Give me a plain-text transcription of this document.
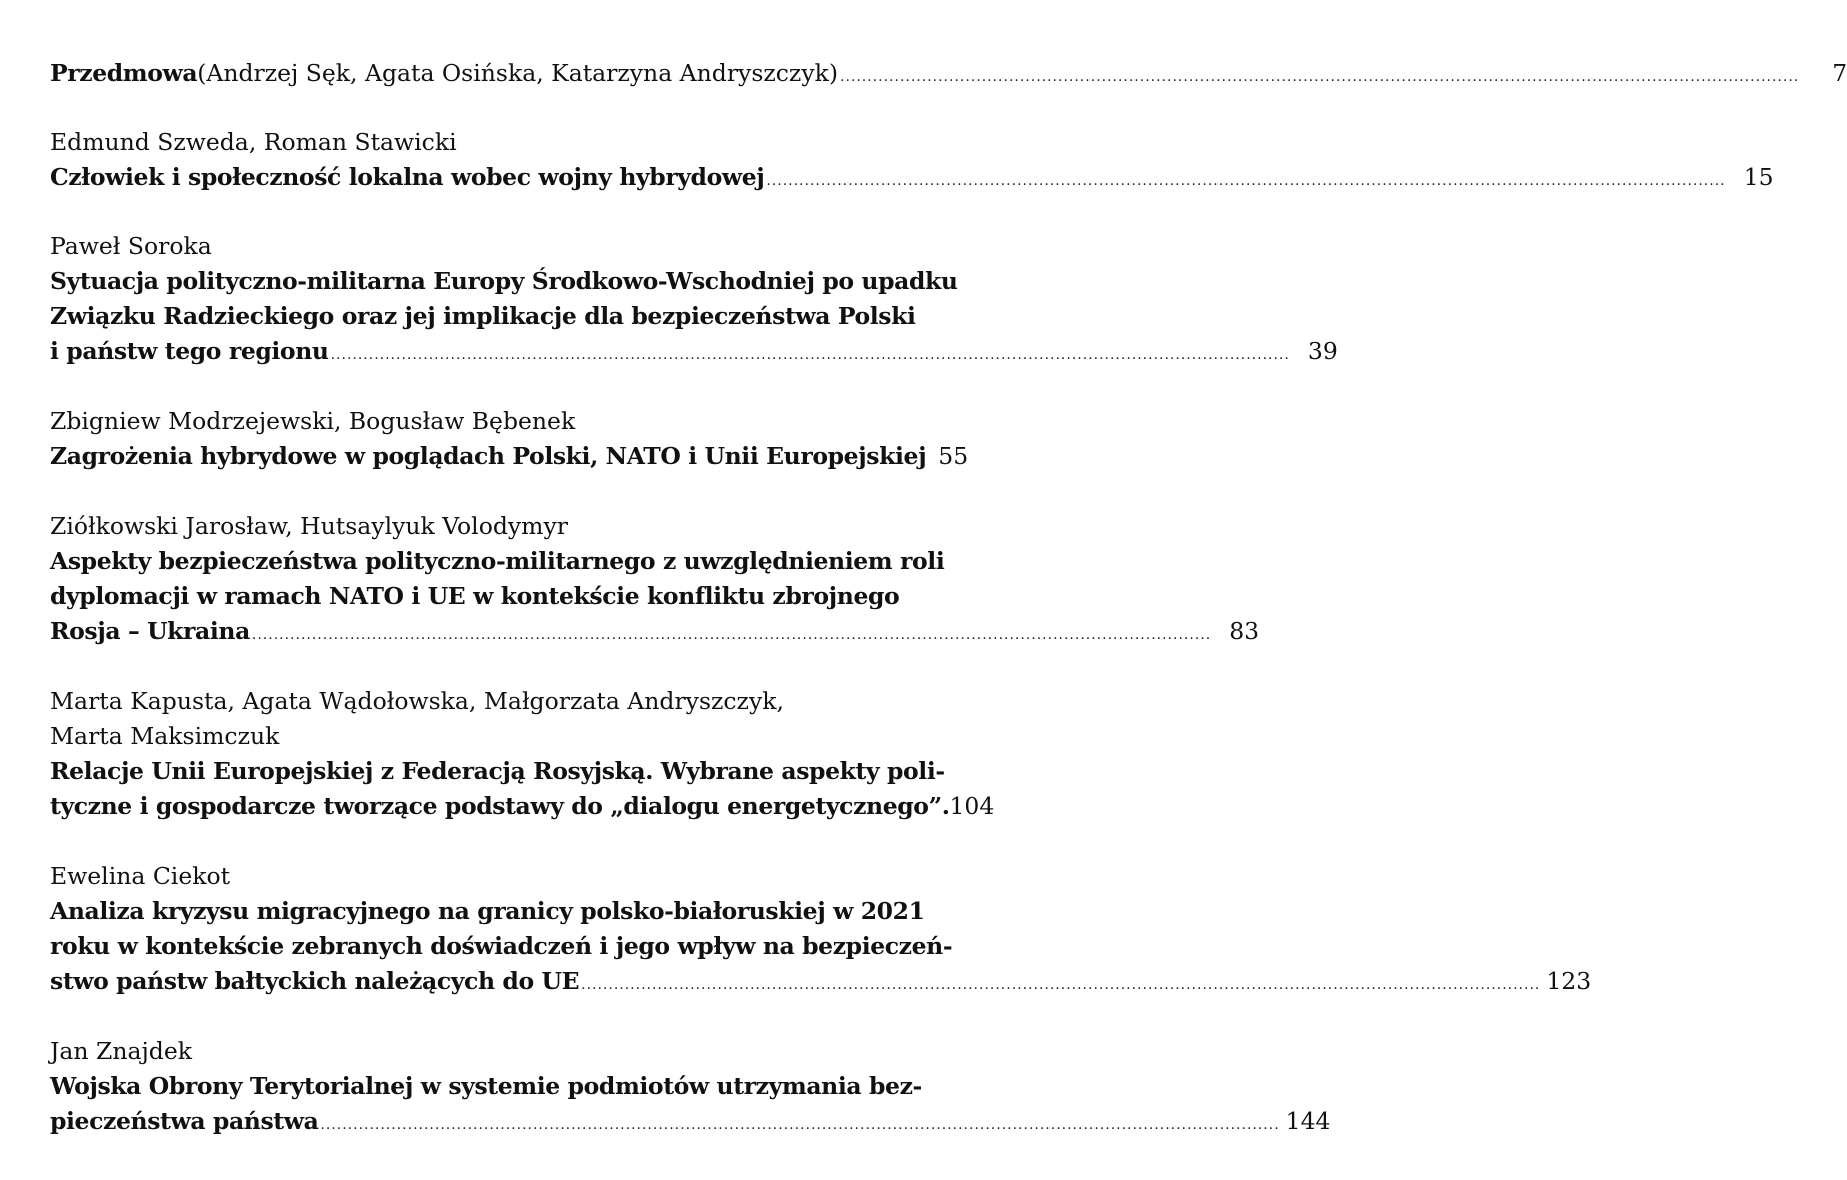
Przedmowa (Andrzej Sęk, Agata Osińska, Katarzyna Andryszczyk) ................................................................................................................................................................................	7
Edmund Szweda, Roman Stawicki
Człowiek i społeczność lokalna wobec wojny hybrydowej ................................................................................................................................................................................ 15
Paweł Soroka
Sytuacja polityczno-militarna Europy Środkowo-Wschodniej po upadku
Związku Radzieckiego oraz jej implikacje dla bezpieczeństwa Polski
i państw tego regionu ................................................................................................................................................................................ 39
Zbigniew Modrzejewski, Bogusław Bębenek
Zagrożenia hybrydowe w poglądach Polski, NATO i Unii Europejskiej 55
Ziółkowski Jarosław, Hutsaylyuk Volodymyr
Aspekty bezpieczeństwa polityczno-militarnego z uwzględnieniem roli
dyplomacji w ramach NATO i UE w kontekście konfliktu zbrojnego
Rosja – Ukraina ................................................................................................................................................................................ 83
Marta Kapusta, Agata Wądołowska, Małgorzata Andryszczyk,
Marta Maksimczuk
Relacje Unii Europejskiej z Federacją Rosyjską. Wybrane aspekty poli-
tyczne i gospodarcze tworzące podstawy do „dialogu energetycznego”. 104
Ewelina Ciekot
Analiza kryzysu migracyjnego na granicy polsko-białoruskiej w 2021
roku w kontekście zebranych doświadczeń i jego wpływ na bezpieczeń-
stwo państw bałtyckich należących do UE ................................................................................................................................................................................ 123
Jan Znajdek
Wojska Obrony Terytorialnej w systemie podmiotów utrzymania bez-
pieczeństwa państwa ................................................................................................................................................................................ 144
